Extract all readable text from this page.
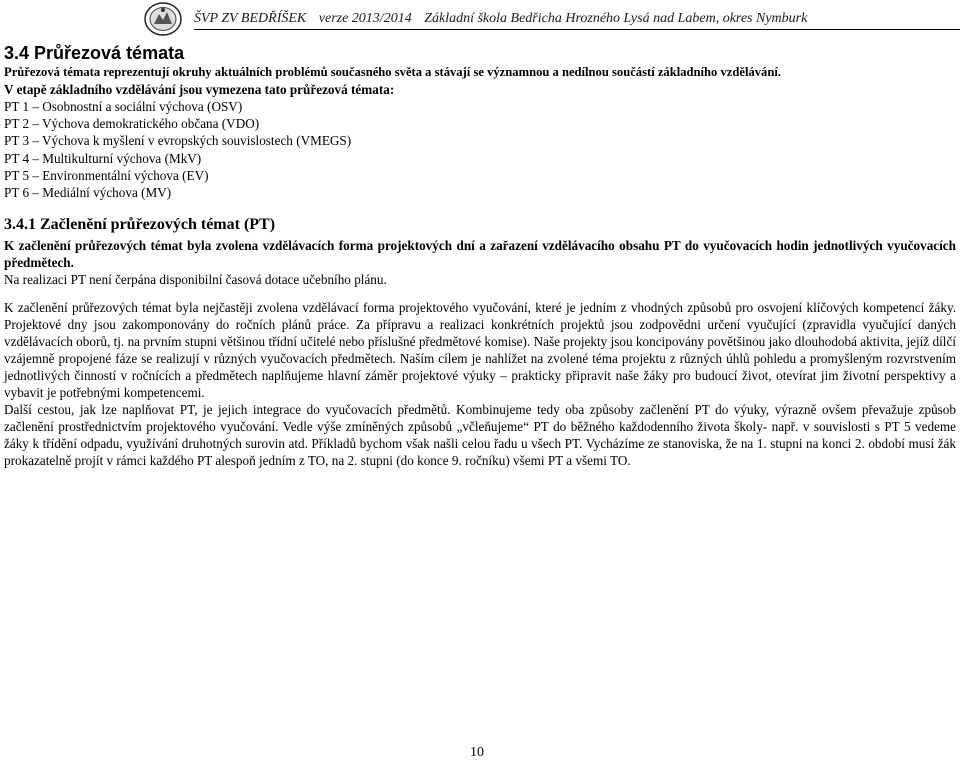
ŠVP ZV BEDŘÍŠEK verze 2013/2014 Základní škola Bedřicha Hrozného Lysá nad Labem, okres Nymburk
3.4 Průřezová témata

Průřezová témata reprezentují okruhy aktuálních problémů současného světa a stávají se významnou a nedílnou součástí základního vzdělávání.

V etapě základního vzdělávání jsou vymezena tato průřezová témata:

PT 1 – Osobnostní a sociální výchova (OSV)
PT 2 – Výchova demokratického občana (VDO)
PT 3 – Výchova k myšlení v evropských souvislostech (VMEGS)
PT 4 – Multikulturní výchova (MkV)
PT 5 – Environmentální výchova (EV)
PT 6 – Mediální výchova (MV)
3.4.1 Začlenění průřezových témat (PT)

K začlenění průřezových témat byla zvolena vzdělávacích forma projektových dní a zařazení vzdělávacího obsahu PT do vyučovacích hodin jednotlivých vyučovacích předmětech.

Na realizaci PT není čerpána disponibilní časová dotace učebního plánu.

K začlenění průřezových témat byla nejčastěji zvolena vzdělávací forma projektového vyučování, které je jedním z vhodných způsobů pro osvojení klíčových kompetencí žáky. Projektové dny jsou zakomponovány do ročních plánů práce. Za přípravu a realizaci konkrétních projektů jsou zodpovědni určení vyučující (zpravidla vyučující daných vzdělávacích oborů, tj. na prvním stupni většinou třídní učitelé nebo příslušné předmětové komise). Naše projekty jsou koncipovány povětšinou jako dlouhodobá aktivita, jejíž dílčí vzájemně propojené fáze se realizují v různých vyučovacích předmětech. Naším cílem je nahlížet na zvolené téma projektu z různých úhlů pohledu a promyšleným rozvrstvením jednotlivých činností v ročnících a předmětech naplňujeme hlavní záměr projektové výuky – prakticky připravit naše žáky pro budoucí život, otevírat jim životní perspektivy a vybavit je potřebnými kompetencemi.

Další cestou, jak lze naplňovat PT, je jejich integrace do vyučovacích předmětů. Kombinujeme tedy oba způsoby začlenění PT do výuky, výrazně ovšem převažuje způsob začlenění prostřednictvím projektového vyučování. Vedle výše zmíněných způsobů „včleňujeme“ PT do běžného každodenního života školy- např. v souvislosti s PT 5 vedeme žáky k třídění odpadu, využívání druhotných surovin atd. Příkladů bychom však našli celou řadu u všech PT. Vycházíme ze stanoviska, že na 1. stupni na konci 2. období musí žák prokazatelně projít v rámci každého PT alespoň jedním z TO, na 2. stupni (do konce 9. ročníku) všemi PT a všemi TO.

10
